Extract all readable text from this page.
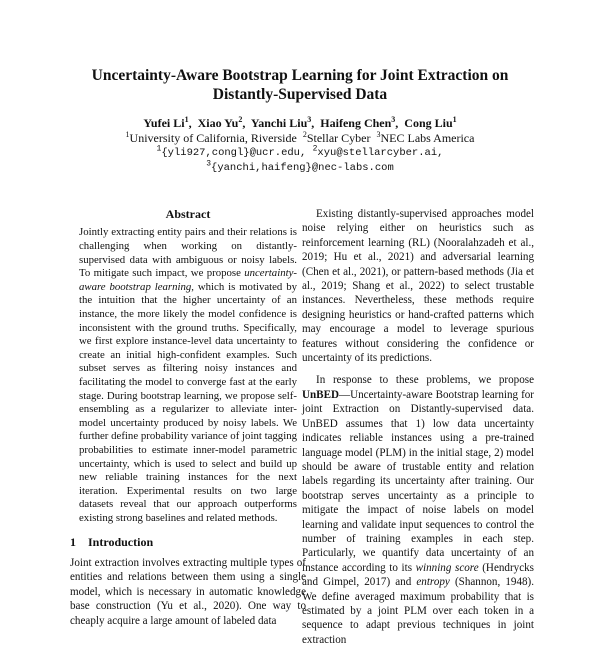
Uncertainty-Aware Bootstrap Learning for Joint Extraction on
Distantly-Supervised Data
Yufei Li$^1$,  Xiao Yu$^2$,  Yanchi Liu$^3$,  Haifeng Chen$^3$,  Cong Liu$^1$
$^1$University of California, Riverside $^2$Stellar Cyber $^3$NEC Labs America
$^1${yli927,congl}@ucr.edu, $^2$xyu@stellarcyber.ai,
$^3${yanchi,haifeng}@nec-labs.com
Abstract

Jointly extracting entity pairs and their relations is challenging when working on distantly-supervised data with ambiguous or noisy labels. To mitigate such impact, we propose uncertainty-aware bootstrap learning, which is motivated by the intuition that the higher uncertainty of an instance, the more likely the model confidence is inconsistent with the ground truths. Specifically, we first explore instance-level data uncertainty to create an initial high-confident examples. Such subset serves as filtering noisy instances and facilitating the model to converge fast at the early stage. During bootstrap learning, we propose self-ensembling as a regularizer to alleviate inter-model uncertainty produced by noisy labels. We further define probability variance of joint tagging probabilities to estimate inner-model parametric uncertainty, which is used to select and build up new reliable training instances for the next iteration. Experimental results on two large datasets reveal that our approach outperforms existing strong baselines and related methods.

1 Introduction

Joint extraction involves extracting multiple types of entities and relations between them using a single model, which is necessary in automatic knowledge base construction (Yu et al., 2020). One way to cheaply acquire a large amount of labeled data

Existing distantly-supervised approaches model noise relying either on heuristics such as reinforcement learning (RL) (Nooralahzadeh et al., 2019; Hu et al., 2021) and adversarial learning (Chen et al., 2021), or pattern-based methods (Jia et al., 2019; Shang et al., 2022) to select trustable instances. Nevertheless, these methods require designing heuristics or hand-crafted patterns which may encourage a model to leverage spurious features without considering the confidence or uncertainty of its predictions.

In response to these problems, we propose UnBED—Uncertainty-aware Bootstrap learning for joint Extraction on Distantly-supervised data. UnBED assumes that 1) low data uncertainty indicates reliable instances using a pre-trained language model (PLM) in the initial stage, 2) model should be aware of trustable entity and relation labels regarding its uncertainty after training. Our bootstrap serves uncertainty as a principle to mitigate the impact of noise labels on model learning and validate input sequences to control the number of training examples in each step. Particularly, we quantify data uncertainty of an instance according to its winning score (Hendrycks and Gimpel, 2017) and entropy (Shannon, 1948). We define averaged maximum probability that is estimated by a joint PLM over each token in a sequence to adapt previous techniques in joint extraction
